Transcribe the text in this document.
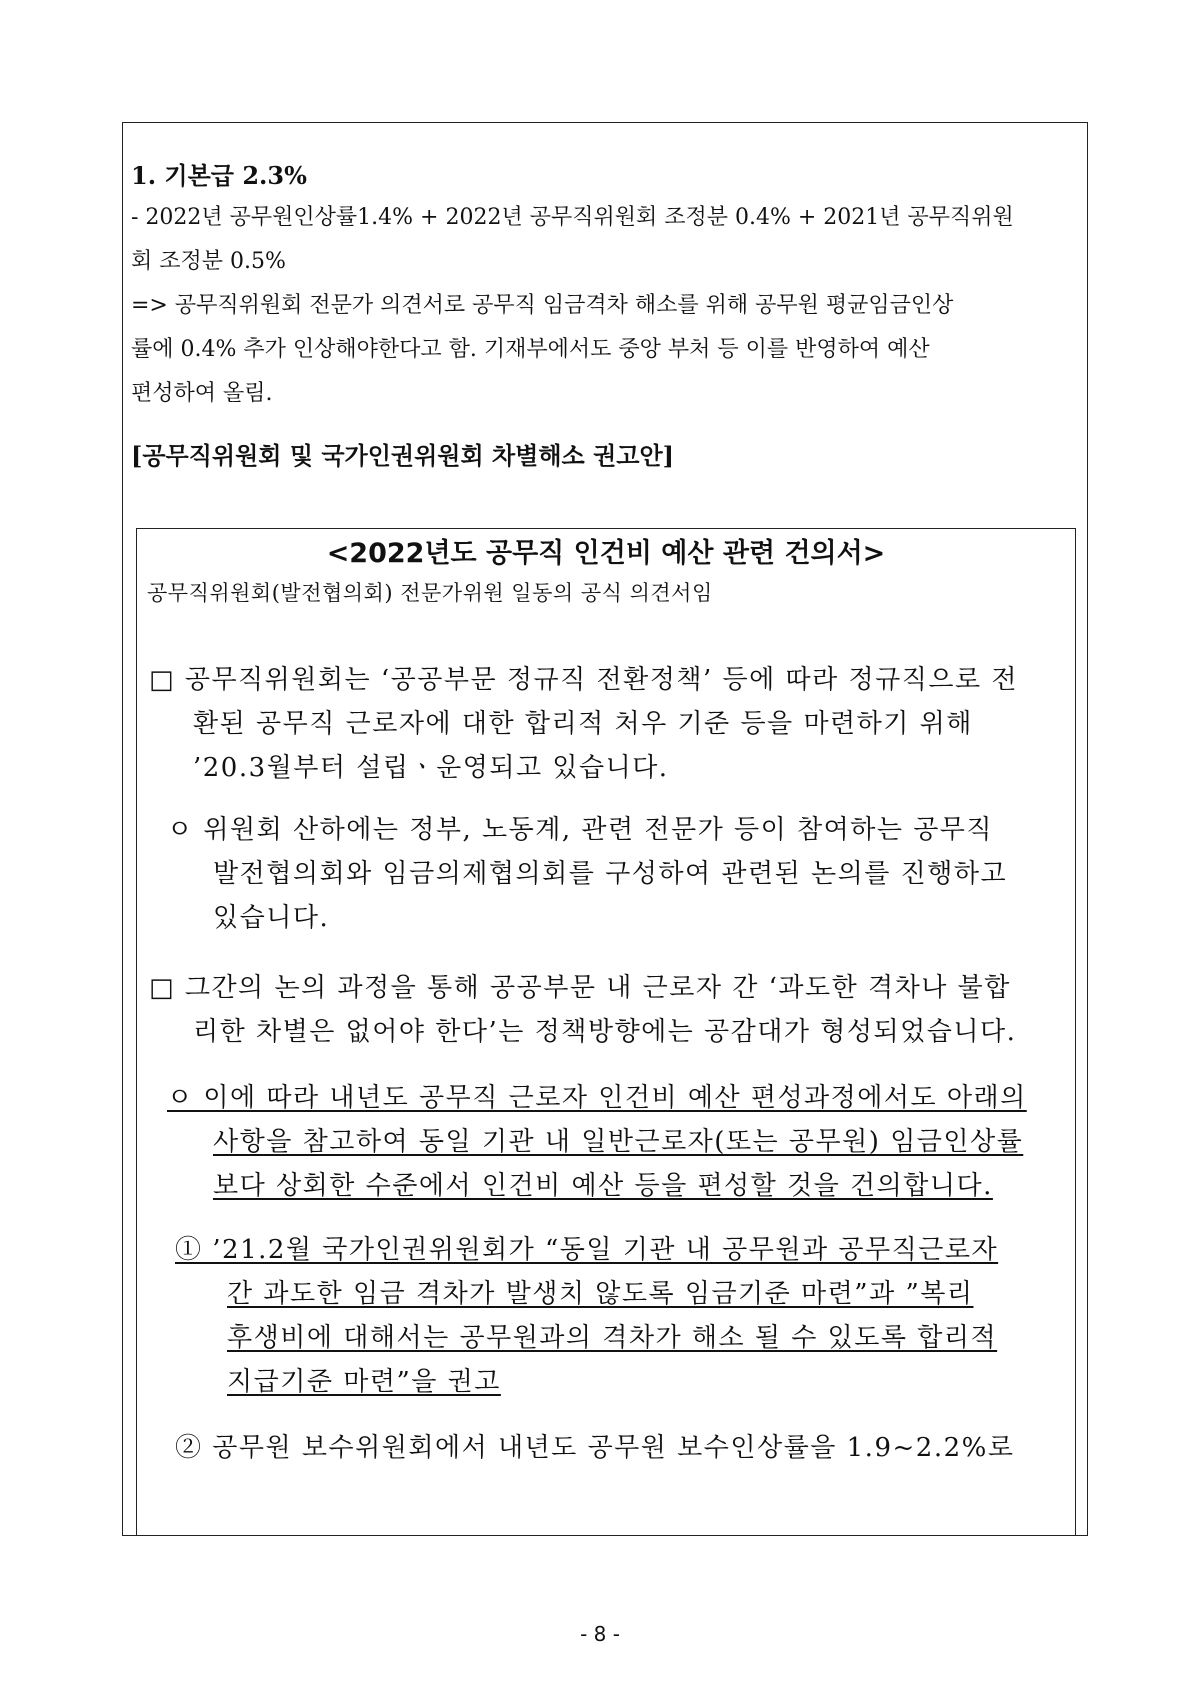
1. 기본급 2.3%
- 2022년 공무원인상률1.4% + 2022년 공무직위원회 조정분 0.4% + 2021년 공무직위원
회 조정분 0.5%
=> 공무직위원회 전문가 의견서로 공무직 임금격차 해소를 위해 공무원 평균임금인상
률에 0.4% 추가 인상해야한다고 함. 기재부에서도 중앙 부처 등 이를 반영하여 예산
편성하여 올림.
[공무직위원회 및 국가인권위원회 차별해소 권고안]
<2022년도 공무직 인건비 예산 관련 건의서>
공무직위원회(발전협의회) 전문가위원 일동의 공식 의견서임
□ 공무직위원회는 ‘공공부문 정규직 전환정책’ 등에 따라 정규직으로 전
환된 공무직 근로자에 대한 합리적 처우 기준 등을 마련하기 위해
’20.3월부터 설립ㆍ운영되고 있습니다.
ㅇ 위원회 산하에는 정부, 노동계, 관련 전문가 등이 참여하는 공무직
발전협의회와 임금의제협의회를 구성하여 관련된 논의를 진행하고
있습니다.
□ 그간의 논의 과정을 통해 공공부문 내 근로자 간 ‘과도한 격차나 불합
리한 차별은 없어야 한다’는 정책방향에는 공감대가 형성되었습니다.
ㅇ 이에 따라 내년도 공무직 근로자 인건비 예산 편성과정에서도 아래의
사항을 참고하여 동일 기관 내 일반근로자(또는 공무원) 임금인상률
보다 상회한 수준에서 인건비 예산 등을 편성할 것을 건의합니다.
① ’21.2월 국가인권위원회가 “동일 기관 내 공무원과 공무직근로자
간 과도한 임금 격차가 발생치 않도록 임금기준 마련”과 ”복리
후생비에 대해서는 공무원과의 격차가 해소 될 수 있도록 합리적
지급기준 마련”을 권고
② 공무원 보수위원회에서 내년도 공무원 보수인상률을 1.9~2.2%로
- 8 -
